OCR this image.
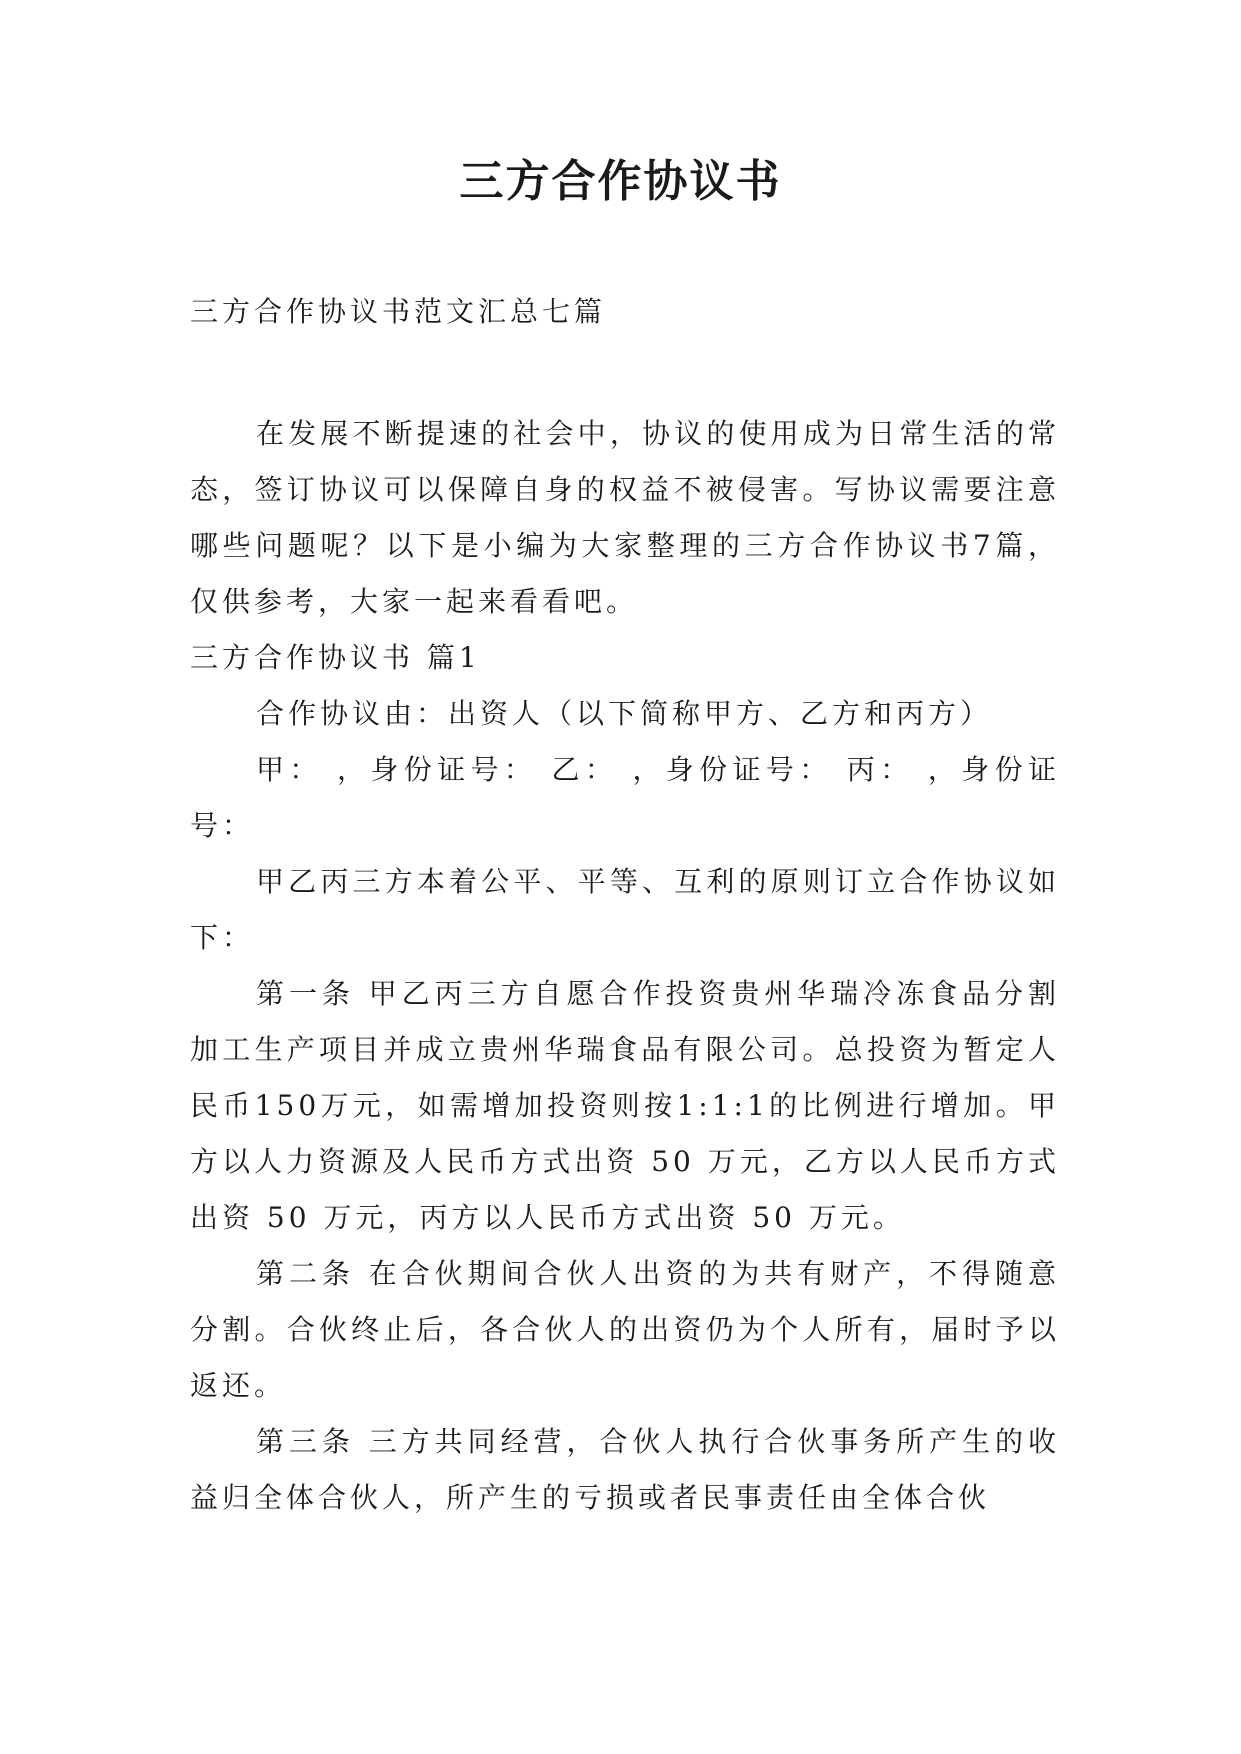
三方合作协议书
三方合作协议书范文汇总七篇

在发展不断提速的社会中，协议的使用成为日常生活的常态，签订协议可以保障自身的权益不被侵害。写协议需要注意哪些问题呢？以下是小编为大家整理的三方合作协议书7篇，仅供参考，大家一起来看看吧。

三方合作协议书 篇1

合作协议由：出资人（以下简称甲方、乙方和丙方）

甲： ，身份证号： 乙： ，身份证号： 丙： ，身份证号：

甲乙丙三方本着公平、平等、互利的原则订立合作协议如下：

第一条 甲乙丙三方自愿合作投资贵州华瑞冷冻食品分割加工生产项目并成立贵州华瑞食品有限公司。总投资为暂定人民币150万元，如需增加投资则按1:1:1的比例进行增加。甲方以人力资源及人民币方式出资 50 万元，乙方以人民币方式出资 50 万元，丙方以人民币方式出资 50 万元。

第二条 在合伙期间合伙人出资的为共有财产，不得随意分割。合伙终止后，各合伙人的出资仍为个人所有，届时予以返还。

第三条 三方共同经营，合伙人执行合伙事务所产生的收益归全体合伙人，所产生的亏损或者民事责任由全体合伙
